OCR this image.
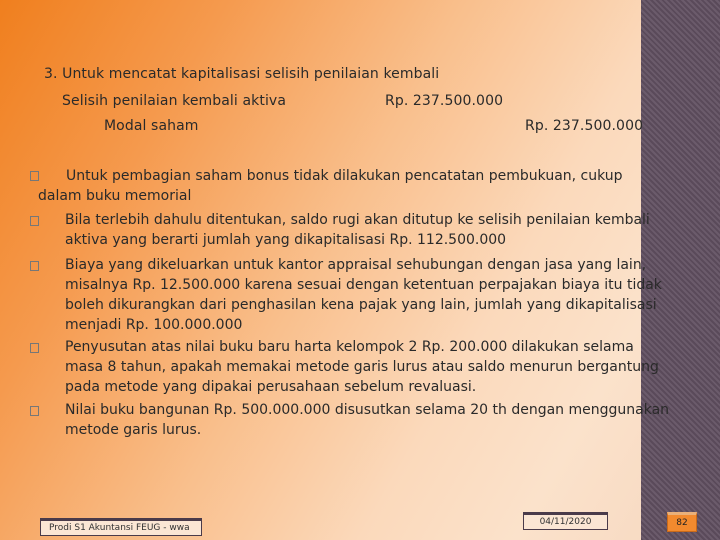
3. Untuk mencatat kapitalisasi selisih penilaian kembali
Selisih penilaian kembali aktiva	Rp. 237.500.000
Modal saham	Rp. 237.500.000
Untuk pembagian saham bonus tidak dilakukan pencatatan pembukuan, cukup dalam buku memorial
Bila terlebih dahulu ditentukan, saldo rugi akan ditutup ke selisih penilaian kembali aktiva yang berarti jumlah yang dikapitalisasi Rp. 112.500.000
Biaya yang dikeluarkan untuk kantor appraisal sehubungan dengan jasa yang lain, misalnya Rp. 12.500.000 karena sesuai dengan ketentuan perpajakan biaya itu tidak boleh dikurangkan dari penghasilan kena pajak yang lain, jumlah yang dikapitalisasi menjadi Rp. 100.000.000
Penyusutan atas nilai buku baru harta kelompok 2 Rp. 200.000 dilakukan selama masa 8 tahun, apakah memakai metode garis lurus atau saldo menurun bergantung pada metode yang dipakai perusahaan sebelum revaluasi.
Nilai buku bangunan Rp. 500.000.000 disusutkan selama 20 th dengan menggunakan metode garis lurus.
Prodi S1 Akuntansi FEUG - wwa
04/11/2020	82
